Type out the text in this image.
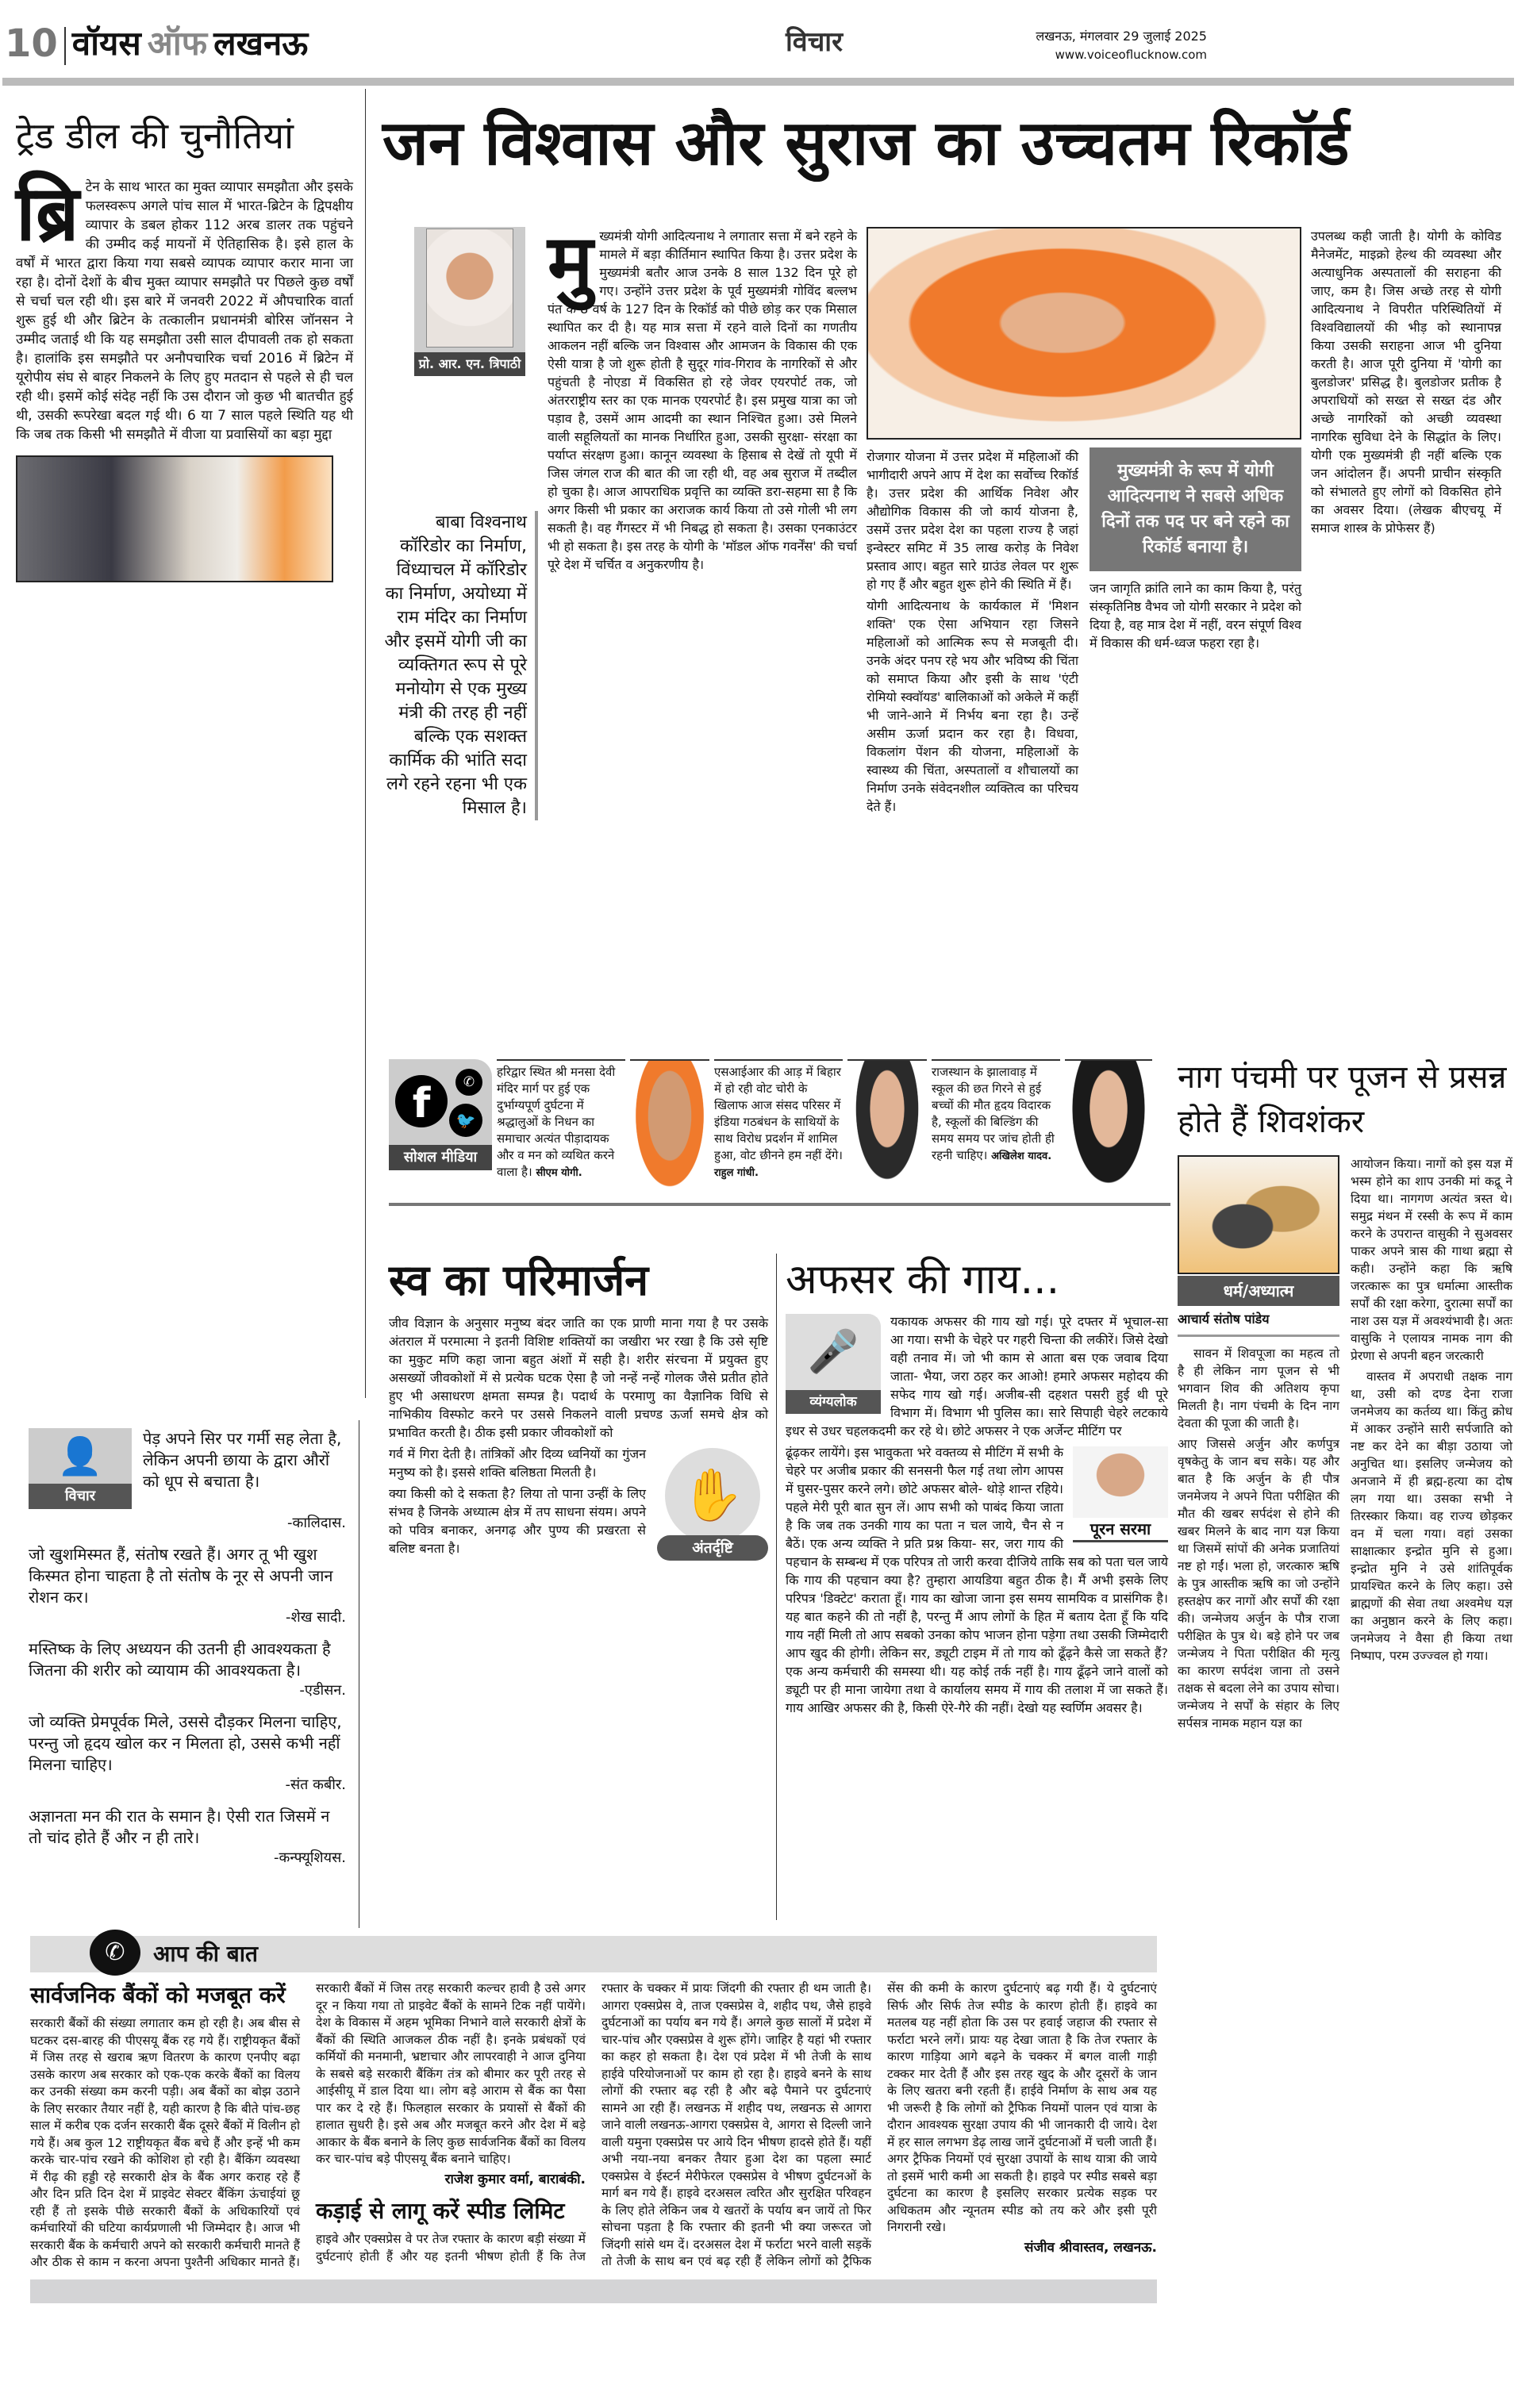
10 वॉयस ऑफ लखनऊ	विचार	लखनऊ, मंगलवार 29 जुलाई 2025
www.voiceoflucknow.com
ट्रेड डील की चुनौतियां
ब्रि टेन के साथ भारत का मुक्त व्यापार समझौता और इसके फलस्वरूप अगले पांच साल में भारत-ब्रिटेन के द्विपक्षीय व्यापार के डबल होकर 112 अरब डालर तक पहुंचने की उम्मीद कई मायनों में ऐतिहासिक है। इसे हाल के वर्षों में भारत द्वारा किया गया सबसे व्यापक व्यापार करार माना जा रहा है। दोनों देशों के बीच मुक्त व्यापार समझौते पर पिछले कुछ वर्षों से चर्चा चल रही थी। इस बारे में जनवरी 2022 में औपचारिक वार्ता शुरू हुई थी और ब्रिटेन के तत्कालीन प्रधानमंत्री बोरिस जॉनसन ने उम्मीद जताई थी कि यह समझौता उसी साल दीपावली तक हो सकता है। हालांकि इस समझौते पर अनौपचारिक चर्चा 2016 में ब्रिटेन में यूरोपीय संघ से बाहर निकलने के लिए हुए मतदान से पहले से ही चल रही थी। इसमें कोई संदेह नहीं कि उस दौरान जो कुछ भी बातचीत हुई थी, उसकी रूपरेखा बदल गई थी। 6 या 7 साल पहले स्थिति यह थी कि जब तक किसी भी समझौते में वीजा या प्रवासियों का बड़ा मुद्दा

जन विश्वास और सुराज का उच्चतम रिकॉर्ड
प्रो. आर. एन. त्रिपाठी
बाबा विश्वनाथ कॉरिडोर का निर्माण, विंध्याचल में कॉरिडोर का निर्माण, अयोध्या में राम मंदिर का निर्माण और इसमें योगी जी का व्यक्तिगत रूप से पूरे मनोयोग से एक मुख्य मंत्री की तरह ही नहीं बल्कि एक सशक्त कार्मिक की भांति सदा लगे रहने रहना भी एक मिसाल है।
मु ख्यमंत्री योगी आदित्यनाथ ने लगातार सत्ता में बने रहने के मामले में बड़ा कीर्तिमान स्थापित किया है। उत्तर प्रदेश के मुख्यमंत्री बतौर आज उनके 8 साल 132 दिन पूरे हो गए। उन्होंने उत्तर प्रदेश के पूर्व मुख्यमंत्री गोविंद बल्लभ पंत के 8 वर्ष के 127 दिन के रिकॉर्ड को पीछे छोड़ कर एक मिसाल स्थापित कर दी है। यह मात्र सत्ता में रहने वाले दिनों का गणतीय आकलन नहीं बल्कि जन विश्वास और आमजन के विकास की एक ऐसी यात्रा है जो शुरू होती है सुदूर गांव-गिराव के नागरिकों से और पहुंचती है नोएडा में विकसित हो रहे जेवर एयरपोर्ट तक, जो अंतरराष्ट्रीय स्तर का एक मानक एयरपोर्ट है। इस प्रमुख यात्रा का जो पड़ाव है, उसमें आम आदमी का स्थान निश्चित हुआ। उसे मिलने वाली सहूलियतों का मानक निर्धारित हुआ, उसकी सुरक्षा- संरक्षा का पर्याप्त संरक्षण हुआ। कानून व्यवस्था के हिसाब से देखें तो यूपी में जिस जंगल राज की बात की जा रही थी, वह अब सुराज में तब्दील हो चुका है। आज आपराधिक प्रवृत्ति का व्यक्ति डरा-सहमा सा है कि अगर किसी भी प्रकार का अराजक कार्य किया तो उसे गोली भी लग सकती है। वह गैंगस्टर में भी निबद्ध हो सकता है। उसका एनकाउंटर भी हो सकता है। इस तरह के योगी के 'मॉडल ऑफ गवर्नेंस' की चर्चा पूरे देश में चर्चित व अनुकरणीय है।

रोजगार योजना में उत्तर प्रदेश में महिलाओं की भागीदारी अपने आप में देश का सर्वोच्च रिकॉर्ड है। उत्तर प्रदेश की आर्थिक निवेश और औद्योगिक विकास की जो कार्य योजना है, उसमें उत्तर प्रदेश देश का पहला राज्य है जहां इन्वेस्टर समिट में 35 लाख करोड़ के निवेश प्रस्ताव आए। बहुत सारे ग्राउंड लेवल पर शुरू हो गए हैं और बहुत शुरू होने की स्थिति में हैं।

योगी आदित्यनाथ के कार्यकाल में 'मिशन शक्ति' एक ऐसा अभियान रहा जिसने महिलाओं को आत्मिक रूप से मजबूती दी। उनके अंदर पनप रहे भय और भविष्य की चिंता को समाप्त किया और इसी के साथ 'एंटी रोमियो स्क्वॉयड' बालिकाओं को अकेले में कहीं भी जाने-आने में निर्भय बना रहा है। उन्हें असीम ऊर्जा प्रदान कर रहा है। विधवा, विकलांग पेंशन की योजना, महिलाओं के स्वास्थ्य की चिंता, अस्पतालों व शौचालयों का निर्माण उनके संवेदनशील व्यक्तित्व का परिचय देते हैं।

मुख्यमंत्री के रूप में योगी आदित्यनाथ ने सबसे अधिक दिनों तक पद पर बने रहने का रिकॉर्ड बनाया है।

जन जागृति क्रांति लाने का काम किया है, परंतु संस्कृतिनिष्ठ वैभव जो योगी सरकार ने प्रदेश को दिया है, वह मात्र देश में नहीं, वरन संपूर्ण विश्व में विकास की धर्म-ध्वज फहरा रहा है।

उपलब्ध कही जाती है। योगी के कोविड मैनेजमेंट, माइक्रो हेल्थ की व्यवस्था और अत्याधुनिक अस्पतालों की सराहना की जाए, कम है। जिस अच्छे तरह से योगी आदित्यनाथ ने विपरीत परिस्थितियों में विश्वविद्यालयों की भीड़ को स्थानापन्न किया उसकी सराहना आज भी दुनिया करती है। आज पूरी दुनिया में 'योगी का बुलडोजर' प्रसिद्ध है। बुलडोजर प्रतीक है अपराधियों को सख्त से सख्त दंड और अच्छे नागरिकों को अच्छी व्यवस्था नागरिक सुविधा देने के सिद्धांत के लिए। योगी एक मुख्यमंत्री ही नहीं बल्कि एक जन आंदोलन हैं। अपनी प्राचीन संस्कृति को संभालते हुए लोगों को विकसित होने का अवसर दिया। (लेखक बीएचयू में समाज शास्त्र के प्रोफेसर हैं)

f	✆
🐦
सोशल मीडिया
हरिद्वार स्थित श्री मनसा देवी मंदिर मार्ग पर हुई एक दुर्भाग्यपूर्ण दुर्घटना में श्रद्धालुओं के निधन का समाचार अत्यंत पीड़ादायक और व मन को व्यथित करने वाला है। सीएम योगी.
एसआईआर की आड़ में बिहार में हो रही वोट चोरी के खिलाफ आज संसद परिसर में इंडिया गठबंधन के साथियों के साथ विरोध प्रदर्शन में शामिल हुआ, वोट छीनने हम नहीं देंगे। राहुल गांधी.
राजस्थान के झालावाड़ में स्कूल की छत गिरने से हुई बच्चों की मौत हृदय विदारक है, स्कूलों की बिल्डिंग की समय समय पर जांच होती ही रहनी चाहिए। अखिलेश यादव.
स्व का परिमार्जन

जीव विज्ञान के अनुसार मनुष्य बंदर जाति का एक प्राणी माना गया है पर उसके अंतराल में परमात्मा ने इतनी विशिष्ट शक्तियों का जखीरा भर रखा है कि उसे सृष्टि का मुकुट मणि कहा जाना बहुत अंशों में सही है। शरीर संरचना में प्रयुक्त हुए असख्यों जीवकोशों में से प्रत्येक घटक ऐसा है जो नन्हें नन्हें गोलक जैसे प्रतीत होते हुए भी असाधरण क्षमता सम्पन्न है। पदार्थ के परमाणु का वैज्ञानिक विधि से नाभिकीय विस्फोट करने पर उससे निकलने वाली प्रचण्ड ऊर्जा समचे क्षेत्र को प्रभावित करती है। ठीक इसी प्रकार जीवकोशों को

✋
अंतर्दृष्टि

गर्व में गिरा देती है। तांत्रिकों और दिव्य ध्वनियों का गुंजन मनुष्य को है। इससे शक्ति बलिष्ठता मिलती है।

क्या किसी को दे सकता है? लिया तो पाना उन्हीं के लिए संभव है जिनके अध्यात्म क्षेत्र में तप साधना संयम। अपने को पवित्र बनाकर, अनगढ़ और पुण्य की प्रखरता से बलिष्ट बनता है।

अफसर की गाय...
🎤
व्यंग्यलोक

यकायक अफसर की गाय खो गई। पूरे दफ्तर में भूचाल-सा आ गया। सभी के चेहरे पर गहरी चिन्ता की लकीरें। जिसे देखो वही तनाव में। जो भी काम से आता बस एक जवाब दिया जाता- भैया, जरा ठहर कर आओ! हमारे अफसर महोदय की सफेद गाय खो गई। अजीब-सी दहशत पसरी हुई थी पूरे विभाग में। विभाग भी पुलिस का। सारे सिपाही चेहरे लटकाये इधर से उधर चहलकदमी कर रहे थे। छोटे अफसर ने एक अर्जेन्ट मीटिंग पर

पूरन सरमा

ढूंढ़कर लायेंगे। इस भावुकता भरे वक्तव्य से मीटिंग में सभी के चेहरे पर अजीब प्रकार की सनसनी फैल गई तथा लोग आपस में घुसर-पुसर करने लगे। छोटे अफसर बोले- थोड़े शान्त रहिये। पहले मेरी पूरी बात सुन लें। आप सभी को पाबंद किया जाता है कि जब तक उनकी गाय का पता न चल जाये, चैन से न बैठें। एक अन्य व्यक्ति ने प्रति प्रश्न किया- सर, जरा गाय की पहचान के सम्बन्ध में एक परिपत्र तो जारी करवा दीजिये ताकि सब को पता चल जाये कि गाय की पहचान क्या है? तुम्हारा आयडिया बहुत ठीक है। मैं अभी इसके लिए परिपत्र 'डिक्टेट' कराता हूँ। गाय का खोजा जाना इस समय सामयिक व प्रासंगिक है। यह बात कहने की तो नहीं है, परन्तु मैं आप लोगों के हित में बताय देता हूँ कि यदि गाय नहीं मिली तो आप सबको उनका कोप भाजन होना पड़ेगा तथा उसकी जिम्मेदारी आप खुद की होगी। लेकिन सर, ड्यूटी टाइम में तो गाय को ढूँढ़ने कैसे जा सकते हैं? एक अन्य कर्मचारी की समस्या थी। यह कोई तर्क नहीं है। गाय ढूँढ़ने जाने वालों को ड्यूटी पर ही माना जायेगा तथा वे कार्यालय समय में गाय की तलाश में जा सकते हैं। गाय आखिर अफसर की है, किसी ऐरे-गैरे की नहीं। देखो यह स्वर्णिम अवसर है।

नाग पंचमी पर पूजन से प्रसन्न होते हैं शिवशंकर
धर्म/अध्यात्म
आचार्य संतोष पांडेय

सावन में शिवपूजा का महत्व तो है ही लेकिन नाग पूजन से भी भगवान शिव की अतिशय कृपा मिलती है। नाग पंचमी के दिन नाग देवता की पूजा की जाती है।

आए जिससे अर्जुन और कर्णपुत्र वृषकेतु के जान बच सके। यह और बात है कि अर्जुन के ही पौत्र जनमेजय ने अपने पिता परीक्षित की मौत की खबर सर्पदंश से होने की खबर मिलने के बाद नाग यज्ञ किया था जिसमें सांपों की अनेक प्रजातियां नष्ट हो गईं। भला हो, जरत्कारु ऋषि के पुत्र आस्तीक ऋषि का जो उन्होंने हस्तक्षेप कर नागों और सर्पों की रक्षा की। जन्मेजय अर्जुन के पौत्र राजा परीक्षित के पुत्र थे। बड़े होने पर जब जन्मेजय ने पिता परीक्षित की मृत्यु का कारण सर्पदंश जाना तो उसने तक्षक से बदला लेने का उपाय सोचा। जन्मेजय ने सर्पों के संहार के लिए सर्पसत्र नामक महान यज्ञ का

आयोजन किया। नागों को इस यज्ञ में भस्म होने का शाप उनकी मां कद्रू ने दिया था। नागगण अत्यंत त्रस्त थे। समुद्र मंथन में रस्सी के रूप में काम करने के उपरान्त वासुकी ने सुअवसर पाकर अपने त्रास की गाथा ब्रह्मा से कही। उन्होंने कहा कि ऋषि जरत्कारू का पुत्र धर्मात्मा आस्तीक सर्पों की रक्षा करेगा, दुरात्मा सर्पों का नाश उस यज्ञ में अवश्यंभावी है। अतः वासुकि ने एलायत्र नामक नाग की प्रेरणा से अपनी बहन जरत्कारी

वास्तव में अपराधी तक्षक नाग था, उसी को दण्ड देना राजा जनमेजय का कर्तव्य था। किंतु क्रोध में आकर उन्होंने सारी सर्पजाति को नष्ट कर देने का बीड़ा उठाया जो अनुचित था। इसलिए जन्मेजय को अनजाने में ही ब्रह्म-हत्या का दोष लग गया था। उसका सभी ने तिरस्कार किया। वह राज्य छोड़कर वन में चला गया। वहां उसका साक्षात्कार इन्द्रोत मुनि से हुआ। इन्द्रोत मुनि ने उसे शांतिपूर्वक प्रायश्चित करने के लिए कहा। उसे ब्राह्मणों की सेवा तथा अश्वमेध यज्ञ का अनुष्ठान करने के लिए कहा। जनमेजय ने वैसा ही किया तथा निष्पाप, परम उज्ज्वल हो गया।

👤
विचार

पेड़ अपने सिर पर गर्मी सह लेता है, लेकिन अपनी छाया के द्वारा औरों को धूप से बचाता है।

-कालिदास.

जो खुशमिस्मत हैं, संतोष रखते हैं। अगर तू भी खुश किस्मत होना चाहता है तो संतोष के नूर से अपनी जान रोशन कर।

-शेख सादी.

मस्तिष्क के लिए अध्ययन की उतनी ही आवश्यकता है जितना की शरीर को व्यायाम की आवश्यकता है।

-एडीसन.

जो व्यक्ति प्रेमपूर्वक मिले, उससे दौड़कर मिलना चाहिए, परन्तु जो हृदय खोल कर न मिलता हो, उससे कभी नहीं मिलना चाहिए।

-संत कबीर.

अज्ञानता मन की रात के समान है। ऐसी रात जिसमें न तो चांद होते हैं और न ही तारे।

-कन्फ्यूशियस.

✆	आप की बात
सार्वजनिक बैंकों को मजबूत करें

सरकारी बैंकों की संख्या लगातार कम हो रही है। अब बीस से घटकर दस-बारह की पीएसयू बैंक रह गये हैं। राष्ट्रीयकृत बैंकों में जिस तरह से खराब ऋण वितरण के कारण एनपीए बढ़ा उसके कारण अब सरकार को एक-एक करके बैंकों का विलय कर उनकी संख्या कम करनी पड़ी। अब बैंकों का बोझ उठाने के लिए सरकार तैयार नहीं है, यही कारण है कि बीते पांच-छह साल में करीब एक दर्जन सरकारी बैंक दूसरे बैंकों में विलीन हो गये हैं। अब कुल 12 राष्ट्रीयकृत बैंक बचे हैं और इन्हें भी कम करके चार-पांच रखने की कोशिश हो रही है। बैंकिंग व्यवस्था में रीढ़ की हड्डी रहे सरकारी क्षेत्र के बैंक अगर कराह रहे हैं और दिन प्रति दिन देश में प्राइवेट सेक्टर बैंकिंग ऊंचाईयां छू रही हैं तो इसके पीछे सरकारी बैंकों के अधिकारियों एवं कर्मचारियों की घटिया कार्यप्रणाली भी जिम्मेदार है। आज भी सरकारी बैंक के कर्मचारी अपने को सरकारी कर्मचारी मानते हैं और ठीक से काम न करना अपना पुश्तैनी अधिकार मानते हैं। सरकारी बैंकों में जिस तरह सरकारी कल्चर हावी है उसे अगर दूर न किया गया तो प्राइवेट बैंकों के सामने टिक नहीं पायेंगे। देश के विकास में अहम भूमिका निभाने वाले सरकारी क्षेत्रों के बैंकों की स्थिति आजकल ठीक नहीं है। इनके प्रबंधकों एवं कर्मियों की मनमानी, भ्रष्टाचार और लापरवाही ने आज दुनिया के सबसे बड़े सरकारी बैंकिंग तंत्र को बीमार कर पूरी तरह से आईसीयू में डाल दिया था। लोग बड़े आराम से बैंक का पैसा पार कर दे रहे हैं। फिलहाल सरकार के प्रयासों से बैंकों की हालात सुधरी है। इसे अब और मजबूत करने और देश में बड़े आकार के बैंक बनाने के लिए कुछ सार्वजनिक बैंकों का विलय कर चार-पांच बड़े पीएसयू बैंक बनाने चाहिए।

राजेश कुमार वर्मा, बाराबंकी.
कड़ाई से लागू करें स्पीड लिमिट

हाइवे और एक्सप्रेस वे पर तेज रफ्तार के कारण बड़ी संख्या में दुर्घटनाएं होती हैं और यह इतनी भीषण होती हैं कि तेज रफ्तार के चक्कर में प्रायः जिंदगी की रफ्तार ही थम जाती है। आगरा एक्सप्रेस वे, ताज एक्सप्रेस वे, शहीद पथ, जैसे हाइवे दुर्घटनाओं का पर्याय बन गये हैं। अगले कुछ सालों में प्रदेश में चार-पांच और एक्सप्रेस वे शुरू होंगे। जाहिर है यहां भी रफ्तार का कहर हो सकता है। देश एवं प्रदेश में भी तेजी के साथ हाईवे परियोजनाओं पर काम हो रहा है। हाइवे बनने के साथ लोगों की रफ्तार बढ़ रही है और बढ़े पैमाने पर दुर्घटनाएं सामने आ रही हैं। लखनऊ में शहीद पथ, लखनऊ से आगरा जाने वाली लखनऊ-आगरा एक्सप्रेस वे, आगरा से दिल्ली जाने वाली यमुना एक्सप्रेस पर आये दिन भीषण हादसे होते हैं। यहीं अभी नया-नया बनकर तैयार हुआ देश का पहला स्मार्ट एक्सप्रेस वे ईस्टर्न मेरीफेरल एक्सप्रेस वे भीषण दुर्घटनओं के मार्ग बन गये हैं। हाइवे दरअसल त्वरित और सुरक्षित परिवहन के लिए होते लेकिन जब ये खतरों के पर्याय बन जायें तो फिर सोचना पड़ता है कि रफ्तार की इतनी भी क्या जरूरत जो जिंदगी सांसे थम दें। दरअसल देश में फर्राटा भरने वाली सड़कें तो तेजी के साथ बन एवं बढ़ रही हैं लेकिन लोगों को ट्रैफिक सेंस की कमी के कारण दुर्घटनाएं बढ़ गयी हैं। ये दुर्घटनाएं सिर्फ और सिर्फ तेज स्पीड के कारण होती हैं। हाइवे का मतलब यह नहीं होता कि उस पर हवाई जहाज की रफ्तार से फर्राटा भरने लगें। प्रायः यह देखा जाता है कि तेज रफ्तार के कारण गाड़िया आगे बढ़ने के चक्कर में बगल वाली गाड़ी टक्कर मार देती हैं और इस तरह खुद के और दूसरों के जान के लिए खतरा बनी रहती हैं। हाईवे निर्माण के साथ अब यह भी जरूरी है कि लोगों को ट्रैफिक नियमों पालन एवं यात्रा के दौरान आवश्यक सुरक्षा उपाय की भी जानकारी दी जाये। देश में हर साल लगभग डेढ़ लाख जानें दुर्घटनाओं में चली जाती हैं। अगर ट्रैफिक नियमों एवं सुरक्षा उपायों के साथ यात्रा की जाये तो इसमें भारी कमी आ सकती है। हाइवे पर स्पीड सबसे बड़ा दुर्घटना का कारण है इसलिए सरकार प्रत्येक सड़क पर अधिकतम और न्यूनतम स्पीड को तय करे और इसी पूरी निगरानी रखे।

संजीव श्रीवास्तव, लखनऊ.
